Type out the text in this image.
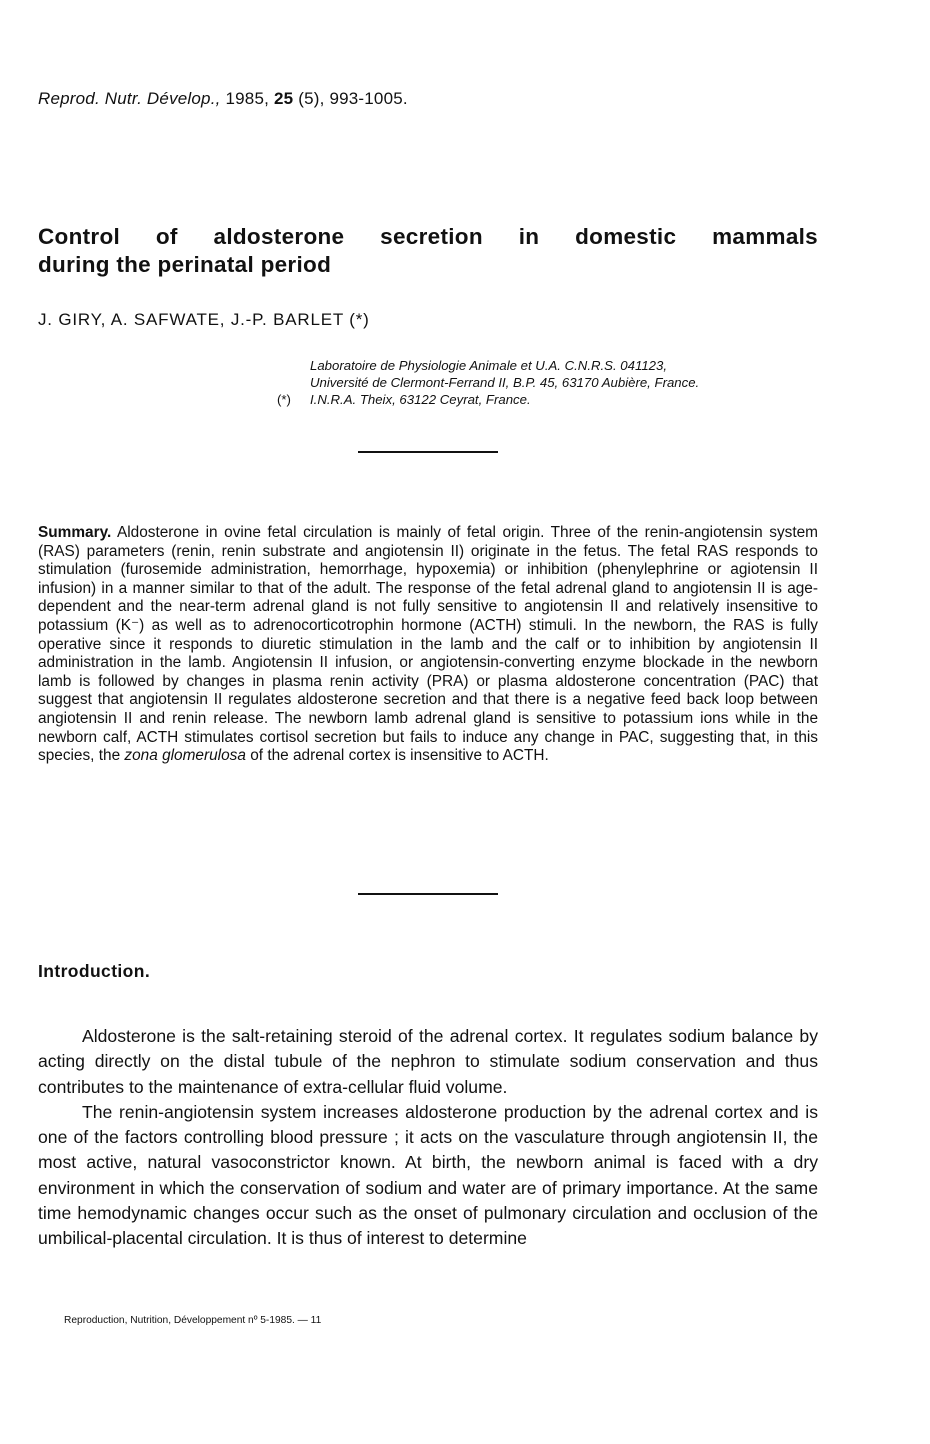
Reprod. Nutr. Dévelop., 1985, 25 (5), 993-1005.
Control of aldosterone secretion in domestic mammals
during the perinatal period
J. GIRY, A. SAFWATE, J.-P. BARLET (*)
Laboratoire de Physiologie Animale et U.A. C.N.R.S. 041123,
Université de Clermont-Ferrand II, B.P. 45, 63170 Aubière, France.
(*) I.N.R.A. Theix, 63122 Ceyrat, France.
Summary. Aldosterone in ovine fetal circulation is mainly of fetal origin. Three of the renin-angiotensin system (RAS) parameters (renin, renin substrate and angiotensin II) originate in the fetus. The fetal RAS responds to stimulation (furosemide administration, hemorrhage, hypoxemia) or inhibition (phenylephrine or agiotensin II infusion) in a manner similar to that of the adult. The response of the fetal adrenal gland to angiotensin II is age-dependent and the near-term adrenal gland is not fully sensitive to angiotensin II and relatively insensitive to potassium (K⁻) as well as to adrenocorticotrophin hormone (ACTH) stimuli. In the newborn, the RAS is fully operative since it responds to diuretic stimulation in the lamb and the calf or to inhibition by angiotensin II administration in the lamb. Angiotensin II infusion, or angiotensin-converting enzyme blockade in the newborn lamb is followed by changes in plasma renin activity (PRA) or plasma aldosterone concentration (PAC) that suggest that angiotensin II regulates aldosterone secretion and that there is a negative feed back loop between angiotensin II and renin release. The newborn lamb adrenal gland is sensitive to potassium ions while in the newborn calf, ACTH stimulates cortisol secretion but fails to induce any change in PAC, suggesting that, in this species, the zona glomerulosa of the adrenal cortex is insensitive to ACTH.
Introduction.

Aldosterone is the salt-retaining steroid of the adrenal cortex. It regulates sodium balance by acting directly on the distal tubule of the nephron to stimulate sodium conservation and thus contributes to the maintenance of extra-cellular fluid volume.

The renin-angiotensin system increases aldosterone production by the adrenal cortex and is one of the factors controlling blood pressure ; it acts on the vasculature through angiotensin II, the most active, natural vasoconstrictor known. At birth, the newborn animal is faced with a dry environment in which the conservation of sodium and water are of primary importance. At the same time hemodynamic changes occur such as the onset of pulmonary circulation and occlusion of the umbilical-placental circulation. It is thus of interest to determine

Reproduction, Nutrition, Développement nº 5-1985. — 11
